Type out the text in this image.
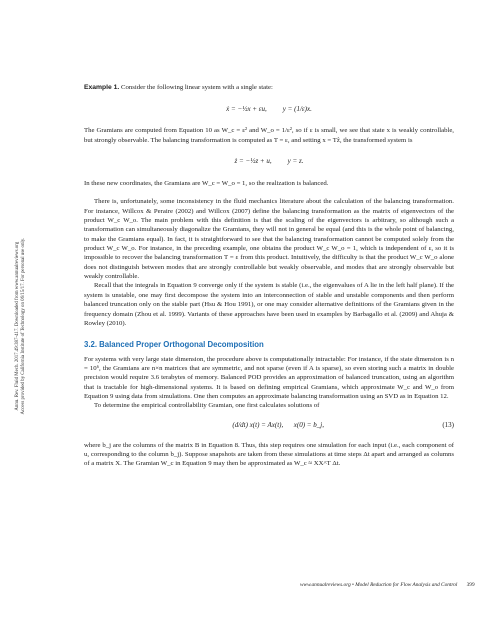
Annu. Rev. Fluid Mech. 2017.49:387-417. Downloaded from www.annualreviews.org Access provided by California Institute of Technology on 06/15/17. For personal use only.

Example 1. Consider the following linear system with a single state:

ẋ = −½x + εu, y = (1/ε)x.

The Gramians are computed from Equation 10 as W_c = ε² and W_o = 1/ε², so if ε is small, we see that state x is weakly controllable, but strongly observable. The balancing transformation is computed as T = ε, and setting x = Tẑ, the transformed system is

ż = −½z + u, y = z.

In these new coordinates, the Gramians are W_c = W_o = 1, so the realization is balanced.

There is, unfortunately, some inconsistency in the fluid mechanics literature about the calculation of the balancing transformation. For instance, Willcox & Peraire (2002) and Willcox (2007) define the balancing transformation as the matrix of eigenvectors of the product W_c W_o. The main problem with this definition is that the scaling of the eigenvectors is arbitrary, so although such a transformation can simultaneously diagonalize the Gramians, they will not in general be equal (and this is the whole point of balancing, to make the Gramians equal). In fact, it is straightforward to see that the balancing transformation cannot be computed solely from the product W_c W_o. For instance, in the preceding example, one obtains the product W_c W_o = 1, which is independent of ε, so it is impossible to recover the balancing transformation T = ε from this product. Intuitively, the difficulty is that the product W_c W_o alone does not distinguish between modes that are strongly controllable but weakly observable, and modes that are strongly observable but weakly controllable.

Recall that the integrals in Equation 9 converge only if the system is stable (i.e., the eigenvalues of A lie in the left half plane). If the system is unstable, one may first decompose the system into an interconnection of stable and unstable components and then perform balanced truncation only on the stable part (Hsu & Hou 1991), or one may consider alternative definitions of the Gramians given in the frequency domain (Zhou et al. 1999). Variants of these approaches have been used in examples by Barbagallo et al. (2009) and Ahuja & Rowley (2010).

3.2. Balanced Proper Orthogonal Decomposition

For systems with very large state dimension, the procedure above is computationally intractable: For instance, if the state dimension is n = 10⁶, the Gramians are n×n matrices that are symmetric, and not sparse (even if A is sparse), so even storing such a matrix in double precision would require 3.6 terabytes of memory. Balanced POD provides an approximation of balanced truncation, using an algorithm that is tractable for high-dimensional systems. It is based on defining empirical Gramians, which approximate W_c and W_o from Equation 9 using data from simulations. One then computes an approximate balancing transformation using an SVD as in Equation 12.

To determine the empirical controllability Gramian, one first calculates solutions of

(d/dt) x(t) = Ax(t), x(0) = b_j,	(13)

where b_j are the columns of the matrix B in Equation 8. Thus, this step requires one simulation for each input (i.e., each component of u, corresponding to the column b_j). Suppose snapshots are taken from these simulations at time steps Δt apart and arranged as columns of a matrix X. The Gramian W_c in Equation 9 may then be approximated as W_c ≈ XX^T Δt.

www.annualreviews.org • Model Reduction for Flow Analysis and Control 399
